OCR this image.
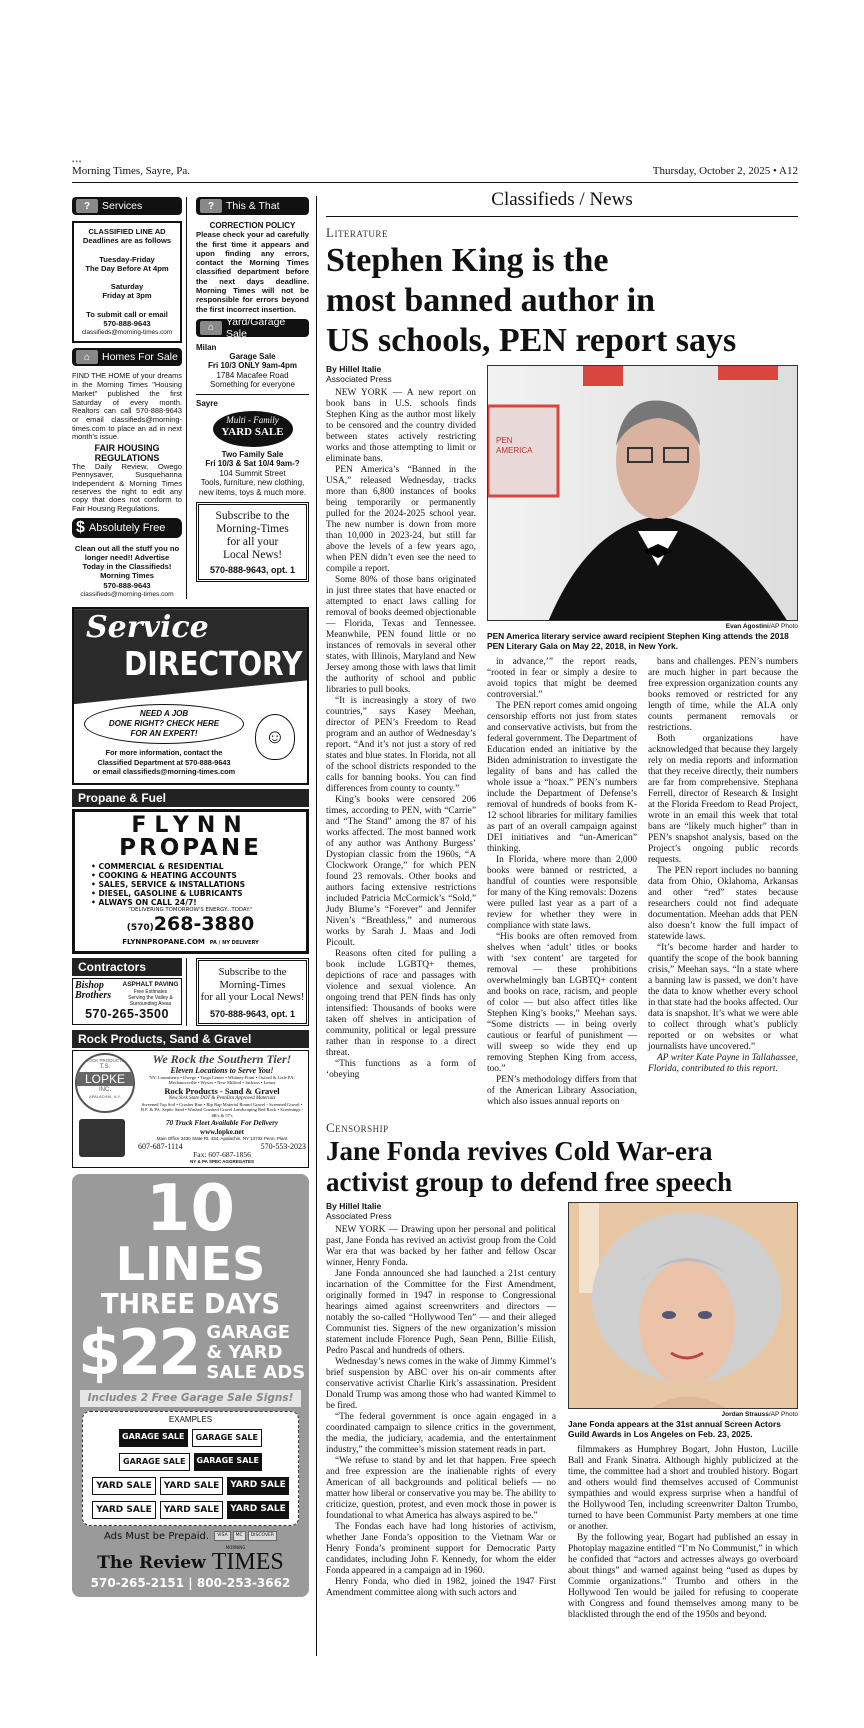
•••
Morning Times, Sayre, Pa.	Thursday, October 2, 2025 • A12
?	Services
CLASSIFIED LINE AD
Deadlines are as follows

Tuesday-Friday
The Day Before At 4pm

Saturday
Friday at 3pm

To submit call or email
570-888-9643
classifieds@morning-times.com
⌂	Homes For Sale
FIND THE HOME of your dreams in the Morning Times "Housing Market" published the first Saturday of every month. Realtors can call 570-888-9643 or email classifieds@morning-times.com to place an ad in next month's issue.
FAIR HOUSING REGULATIONS
The Daily Review, Owego Pennysaver, Susquehanna Independent & Morning Times reserves the right to edit any copy that does not conform to Fair Housing Regulations.
$ Absolutely Free
Clean out all the stuff you no longer need!! Advertise
Today in the Classifieds!
Morning Times
570-888-9643
classifieds@morning-times.com
?	This & That
CORRECTION POLICY
Please check your ad carefully the first time it appears and upon finding any errors, contact the Morning Times classified department before the next days deadline. Morning Times will not be responsible for errors beyond the first incorrect insertion.
⌂	Yard/Garage Sale
Milan
Garage Sale
Fri 10/3 ONLY 9am-4pm
1784 Macafee Road
Something for everyone
Sayre
Multi - Family
YARD SALE
Two Family Sale
Fri 10/3 & Sat 10/4 9am-?
104 Summit Street
Tools, furniture, new clothing, new items, toys & much more.
Subscribe to the
Morning-Times
for all your
Local News!
570-888-9643, opt. 1
Service
DIRECTORY
NEED A JOB
DONE RIGHT? CHECK HERE
FOR AN EXPERT!	☺
For more information, contact the
Classified Department at 570-888-9643
or email classifieds@morning-times.com
Propane & Fuel
FLYNN
PROPANE
• COMMERCIAL & RESIDENTIAL
• COOKING & HEATING ACCOUNTS
• SALES, SERVICE & INSTALLATIONS
• DIESEL, GASOLINE & LUBRICANTS
• ALWAYS ON CALL 24/7!
"DELIVERING TOMORROW'S ENERGY...TODAY."
(570)268-3880
FLYNNPROPANE.COM PA / NY DELIVERY
Contractors
Bishop Brothers
ASPHALT PAVING
Free Estimates
Serving the Valley &
Surrounding Areas
570-265-3500
Subscribe to the
Morning-Times
for all your Local News!
570-888-9643, opt. 1
Rock Products, Sand & Gravel
ROCK PRODUCTS
T.S.
LOPKE
INC.
APALACHIN, N.Y.
We Rock the Southern Tier!
Eleven Locations to Serve You!
NY: Lounsberry • Owego • Tioga Center • Whitney Point • Oxford & Lisle PA: Mechanicsville • Wysox • New Milford • Jackson • Lenox
Rock Products - Sand & Gravel
New York State DOT & PennDot Approved Materials
Screened Top Soil • Crusher Run • Rip Rap Material Round Gravel - Screened Gravel • R.F. & PA. Septic Sand • Washed Crushed Gravel Landscaping Red Rock • Screenings - #R's & 57's
70 Truck Fleet Available For Delivery
www.lopke.net
Main Office 3430 State Rt. 434, Apalachin, NY 13732 Penn. Plant
607-687-1114	570-553-2023
Fax: 607-687-1856
NY & PA SPEC AGGREGATES
10
LINES
THREE DAYS
$22 GARAGE
& YARD
SALE ADS
Includes 2 Free Garage Sale Signs!
EXAMPLES
GARAGE SALE	GARAGE SALE
GARAGE SALE	GARAGE SALE
YARD SALE	YARD SALE	YARD SALE
YARD SALE	YARD SALE	YARD SALE
Ads Must be Prepaid. VISA MC DISCOVER
The Review
MORNING
TIMES
570-265-2151 | 800-253-3662
Classifieds / News
Literature
Stephen King is the
most banned author in
US schools, PEN report says
By Hillel Italie
Associated Press

NEW YORK — A new report on book bans in U.S. schools finds Stephen King as the author most likely to be censored and the country divided between states actively restricting works and those attempting to limit or eliminate bans.

PEN America’s “Banned in the USA,” released Wednesday, tracks more than 6,800 instances of books being temporarily or permanently pulled for the 2024-2025 school year. The new number is down from more than 10,000 in 2023-24, but still far above the levels of a few years ago, when PEN didn’t even see the need to compile a report.

Some 80% of those bans originated in just three states that have enacted or attempted to enact laws calling for removal of books deemed objectionable — Florida, Texas and Tennessee. Meanwhile, PEN found little or no instances of removals in several other states, with Illinois, Maryland and New Jersey among those with laws that limit the authority of school and public libraries to pull books.

“It is increasingly a story of two countries,” says Kasey Meehan, director of PEN’s Freedom to Read program and an author of Wednesday’s report. “And it’s not just a story of red states and blue states. In Florida, not all of the school districts responded to the calls for banning books. You can find differences from county to county.”

King’s books were censored 206 times, according to PEN, with “Carrie” and “The Stand” among the 87 of his works affected. The most banned work of any author was Anthony Burgess’ Dystopian classic from the 1960s, “A Clockwork Orange,” for which PEN found 23 removals. Other books and authors facing extensive restrictions included Patricia McCormick’s “Sold,” Judy Blume’s “Forever” and Jennifer Niven’s “Breathless,” and numerous works by Sarah J. Maas and Jodi Picoult.

Reasons often cited for pulling a book include LGBTQ+ themes, depictions of race and passages with violence and sexual violence. An ongoing trend that PEN finds has only intensified: Thousands of books were taken off shelves in anticipation of community, political or legal pressure rather than in response to a direct threat.

“This functions as a form of ‘obeying

PEN AMERICA
Evan Agostini/AP Photo
PEN America literary service award recipient Stephen King attends the 2018 PEN Literary Gala on May 22, 2018, in New York.

in advance,’” the report reads, “rooted in fear or simply a desire to avoid topics that might be deemed controversial.”

The PEN report comes amid ongoing censorship efforts not just from states and conservative activists, but from the federal government. The Department of Education ended an initiative by the Biden administration to investigate the legality of bans and has called the whole issue a “hoax.” PEN’s numbers include the Department of Defense’s removal of hundreds of books from K-12 school libraries for military families as part of an overall campaign against DEI initiatives and “un-American” thinking.

In Florida, where more than 2,000 books were banned or restricted, a handful of counties were responsible for many of the King removals: Dozens were pulled last year as a part of a review for whether they were in compliance with state laws.

“His books are often removed from shelves when ‘adult’ titles or books with ‘sex content’ are targeted for removal — these prohibitions overwhelmingly ban LGBTQ+ content and books on race, racism, and people of color — but also affect titles like Stephen King’s books,” Meehan says. “Some districts — in being overly cautious or fearful of punishment — will sweep so wide they end up removing Stephen King from access, too.”

PEN’s methodology differs from that of the American Library Association, which also issues annual reports on

bans and challenges. PEN’s numbers are much higher in part because the free expression organization counts any books removed or restricted for any length of time, while the ALA only counts permanent removals or restrictions.

Both organizations have acknowledged that because they largely rely on media reports and information that they receive directly, their numbers are far from comprehensive. Stephana Ferrell, director of Research & Insight at the Florida Freedom to Read Project, wrote in an email this week that total bans are “likely much higher” than in PEN’s snapshot analysis, based on the Project’s ongoing public records requests.

The PEN report includes no banning data from Ohio, Oklahoma, Arkansas and other “red” states because researchers could not find adequate documentation. Meehan adds that PEN also doesn’t know the full impact of statewide laws.

“It’s become harder and harder to quantify the scope of the book banning crisis,” Meehan says. “In a state where a banning law is passed, we don’t have the data to know whether every school in that state had the books affected. Our data is snapshot. It’s what we were able to collect through what’s publicly reported or on websites or what journalists have uncovered.”

AP writer Kate Payne in Tallahassee, Florida, contributed to this report.

Censorship
Jane Fonda revives Cold War-era
activist group to defend free speech
By Hillel Italie
Associated Press

NEW YORK — Drawing upon her personal and political past, Jane Fonda has revived an activist group from the Cold War era that was backed by her father and fellow Oscar winner, Henry Fonda.

Jane Fonda announced she had launched a 21st century incarnation of the Committee for the First Amendment, originally formed in 1947 in response to Congressional hearings aimed against screenwriters and directors — notably the so-called “Hollywood Ten” — and their alleged Communist ties. Signers of the new organization’s mission statement include Florence Pugh, Sean Penn, Billie Eilish, Pedro Pascal and hundreds of others.

Wednesday’s news comes in the wake of Jimmy Kimmel’s brief suspension by ABC over his on-air comments after conservative activist Charlie Kirk’s assassination. President Donald Trump was among those who had wanted Kimmel to be fired.

“The federal government is once again engaged in a coordinated campaign to silence critics in the government, the media, the judiciary, academia, and the entertainment industry,” the committee’s mission statement reads in part.

“We refuse to stand by and let that happen. Free speech and free expression are the inalienable rights of every American of all backgrounds and political beliefs — no matter how liberal or conservative you may be. The ability to criticize, question, protest, and even mock those in power is foundational to what America has always aspired to be.”

The Fondas each have had long histories of activism, whether Jane Fonda’s opposition to the Vietnam War or Henry Fonda’s prominent support for Democratic Party candidates, including John F. Kennedy, for whom the elder Fonda appeared in a campaign ad in 1960.

Henry Fonda, who died in 1982, joined the 1947 First Amendment committee along with such actors and

Jordan Strauss/AP Photo
Jane Fonda appears at the 31st annual Screen Actors Guild Awards in Los Angeles on Feb. 23, 2025.

filmmakers as Humphrey Bogart, John Huston, Lucille Ball and Frank Sinatra. Although highly publicized at the time, the committee had a short and troubled history. Bogart and others would find themselves accused of Communist sympathies and would express surprise when a handful of the Hollywood Ten, including screenwriter Dalton Trumbo, turned to have been Communist Party members at one time or another.

By the following year, Bogart had published an essay in Photoplay magazine entitled “I’m No Communist,” in which he confided that “actors and actresses always go overboard about things” and warned against being “used as dupes by Commie organizations.” Trumbo and others in the Hollywood Ten would be jailed for refusing to cooperate with Congress and found themselves among many to be blacklisted through the end of the 1950s and beyond.
